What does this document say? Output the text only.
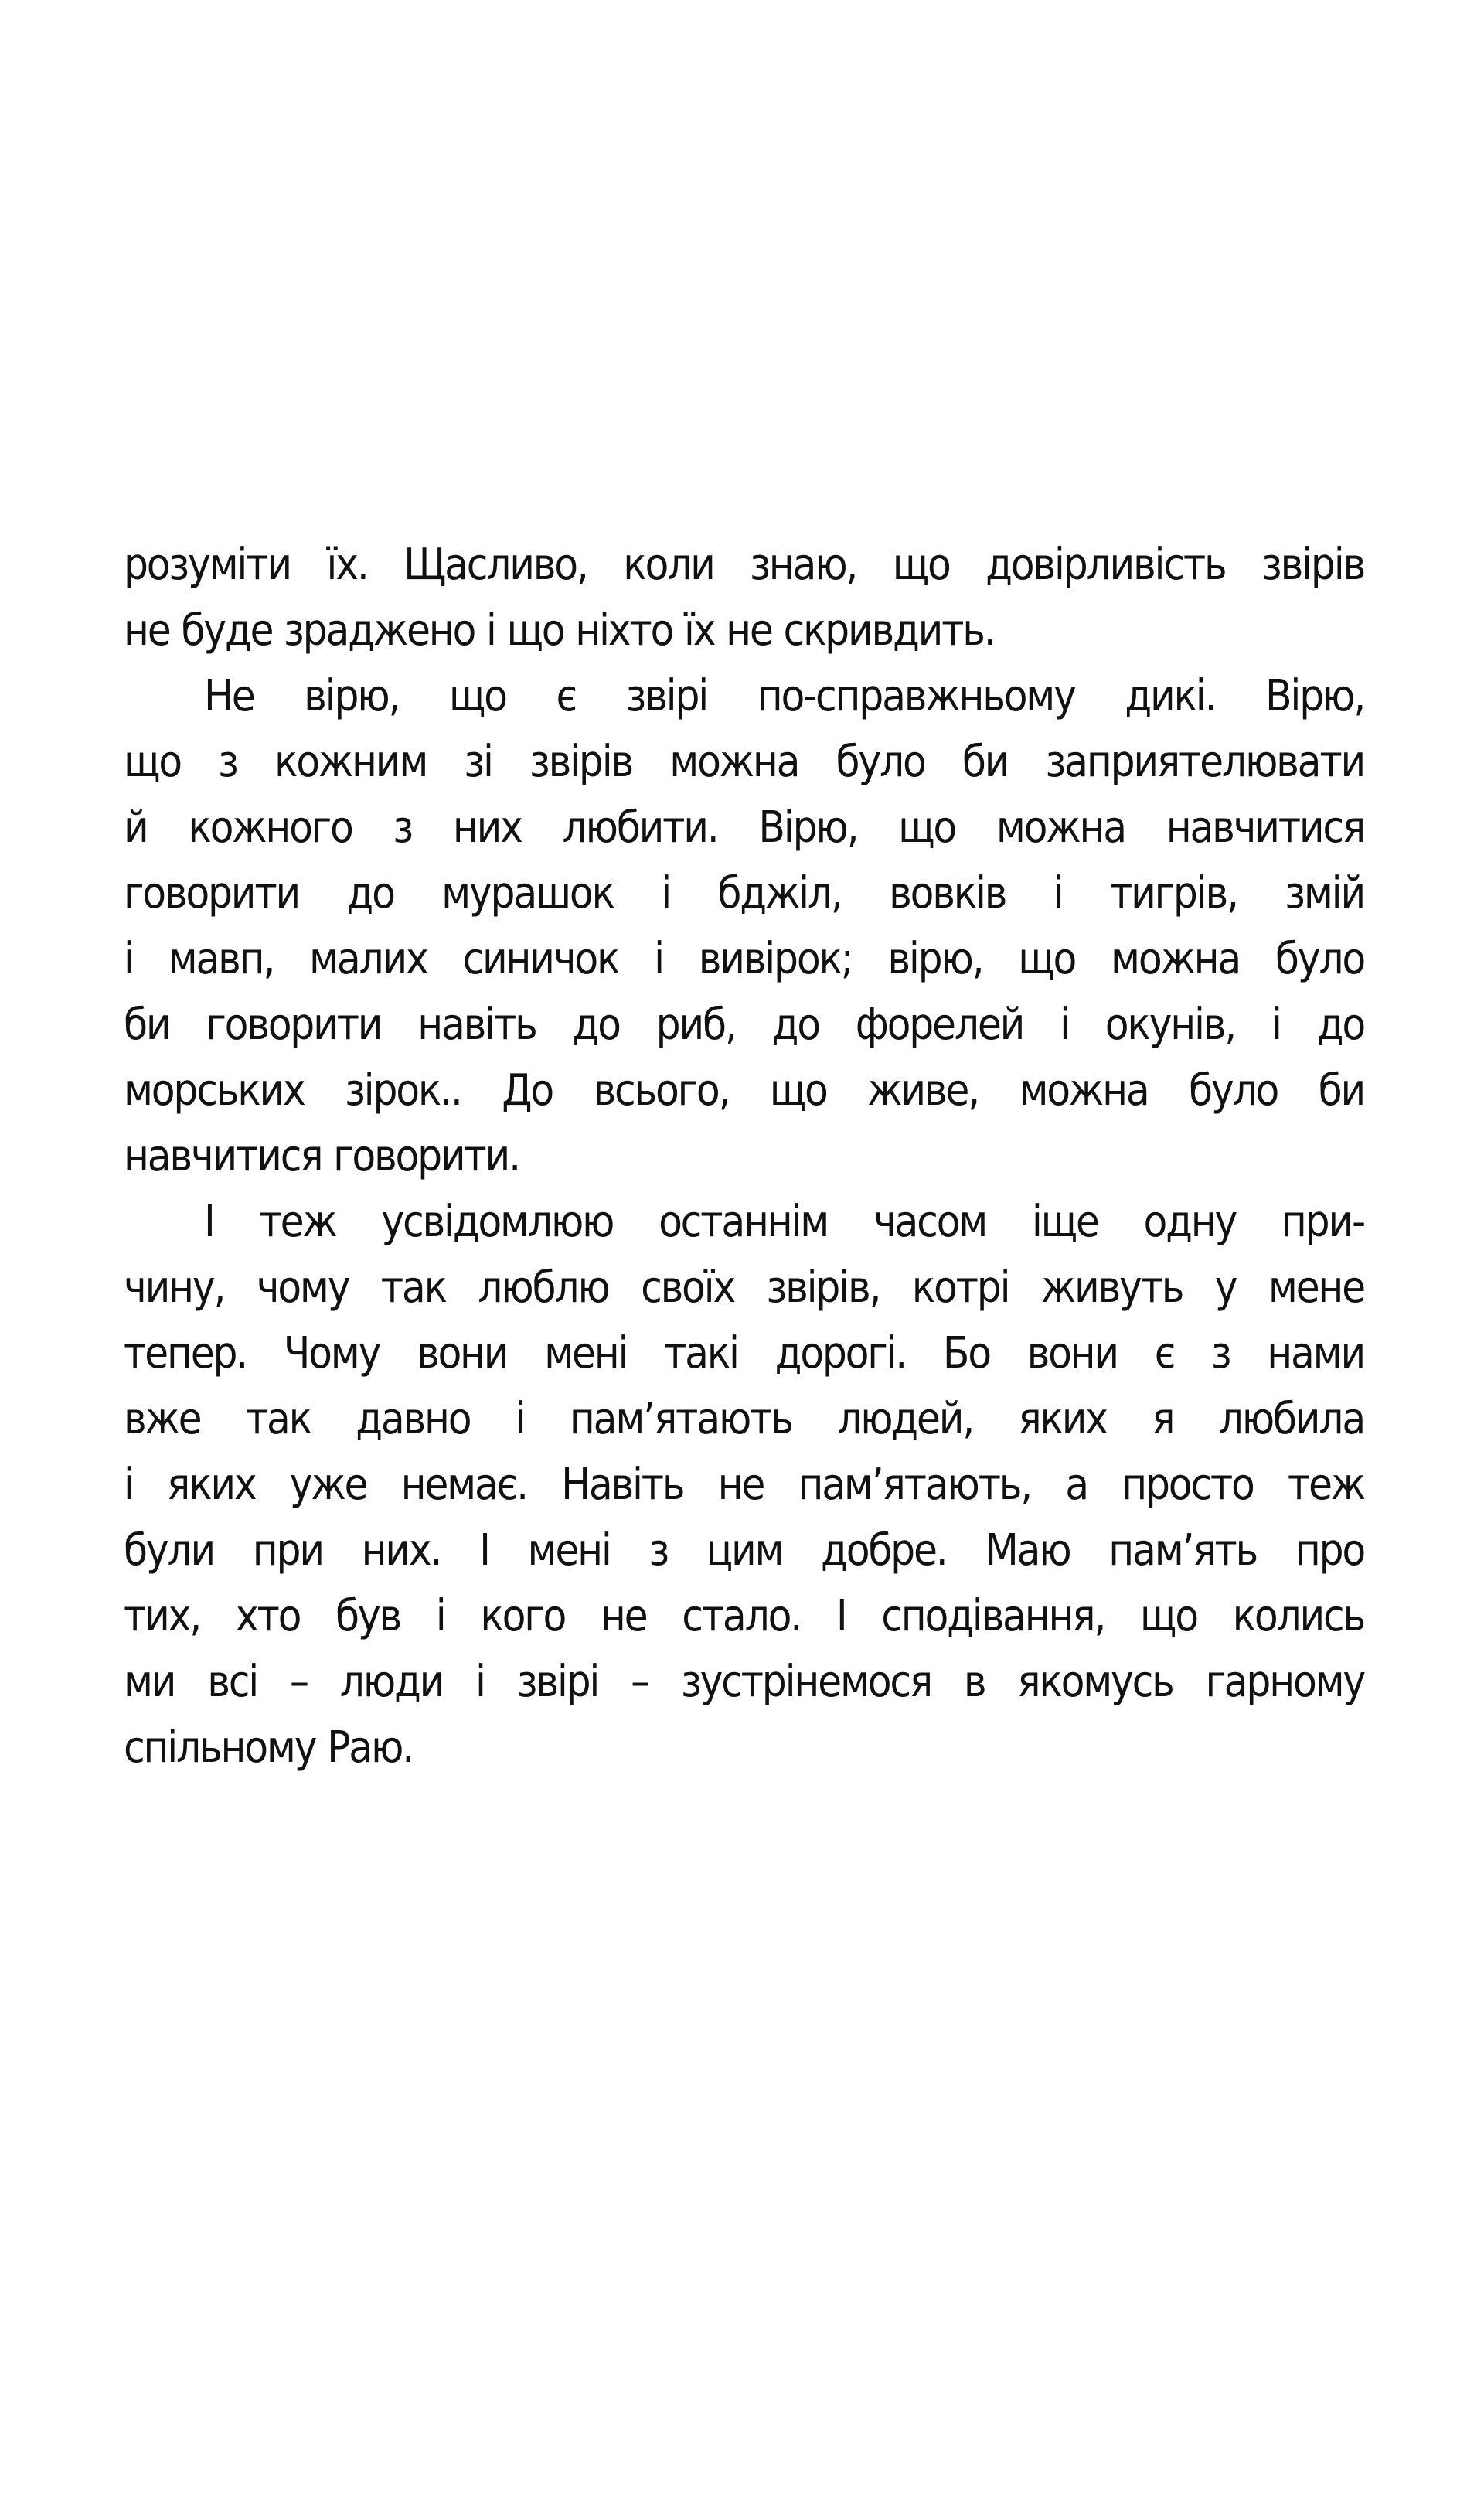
розуміти їх. Щасливо, коли знаю, що довірливість звірів
не буде зраджено і що ніхто їх не скривдить.
Не вірю, що є звірі по-справжньому дикі. Вірю,
що з кожним зі звірів можна було би заприятелювати
й кожного з них любити. Вірю, що можна навчитися
говорити до мурашок і бджіл, вовків і тигрів, змій
і мавп, малих синичок і вивірок; вірю, що можна було
би говорити навіть до риб, до форелей і окунів, і до
морських зірок.. До всього, що живе, можна було би
навчитися говорити.
І теж усвідомлюю останнім часом іще одну при-
чину, чому так люблю своїх звірів, котрі живуть у мене
тепер. Чому вони мені такі дорогі. Бо вони є з нами
вже так давно і пам’ятають людей, яких я любила
і яких уже немає. Навіть не пам’ятають, а просто теж
були при них. І мені з цим добре. Маю пам’ять про
тих, хто був і кого не стало. І сподівання, що колись
ми всі – люди і звірі – зустрінемося в якомусь гарному
спільному Раю.
